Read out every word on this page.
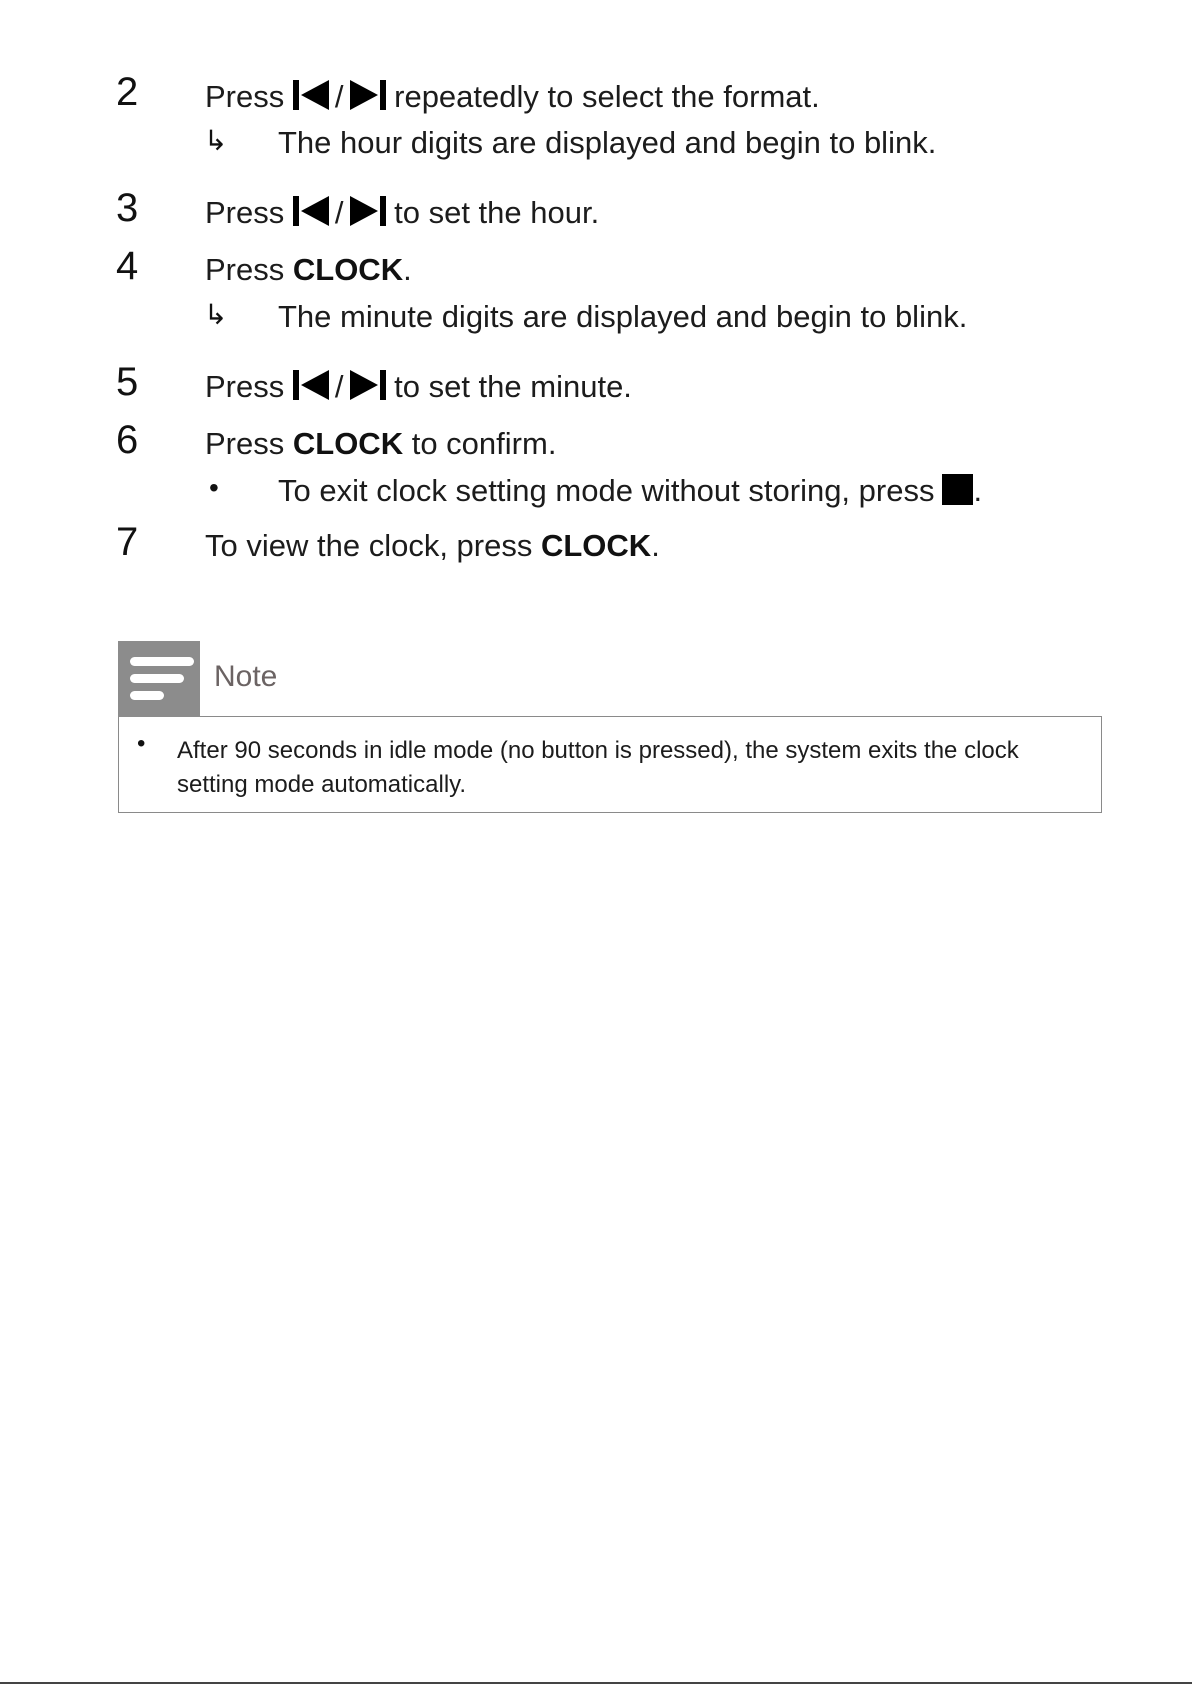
2 Press / repeatedly to select the format.
↳ The hour digits are displayed and begin to blink.
3 Press / to set the hour.
4 Press CLOCK.
↳ The minute digits are displayed and begin to blink.
5 Press / to set the minute.
6 Press CLOCK to confirm.
• To exit clock setting mode without storing, press .
7 To view the clock, press CLOCK.
Note
• After 90 seconds in idle mode (no button is pressed), the system exits the clock setting mode automatically.
